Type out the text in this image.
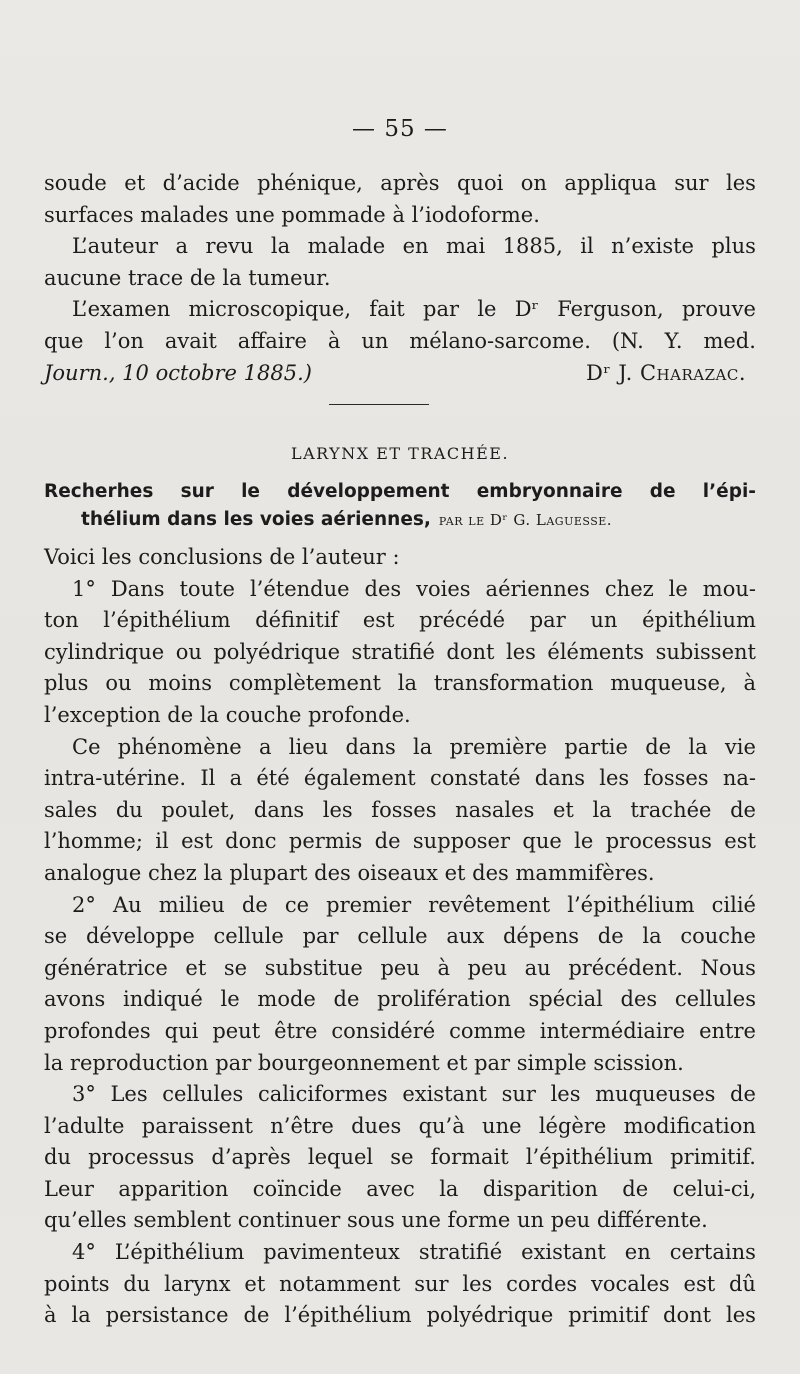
— 55 —
soude et d’acide phénique, après quoi on appliqua sur les
surfaces malades une pommade à l’iodoforme.
L’auteur a revu la malade en mai 1885, il n’existe plus
aucune trace de la tumeur.
L’examen microscopique, fait par le Dʳ Ferguson, prouve
que l’on avait affaire à un mélano-sarcome. (N. Y. med.
Journ., 10 octobre 1885.)	Dʳ J. Charazac.
LARYNX ET TRACHÉE.
Recherhes sur le développement embryonnaire de l’épi-
thélium dans les voies aériennes, par le Dʳ G. Laguesse.
Voici les conclusions de l’auteur :
1° Dans toute l’étendue des voies aériennes chez le mou-
ton l’épithélium définitif est précédé par un épithélium
cylindrique ou polyédrique stratifié dont les éléments subissent
plus ou moins complètement la transformation muqueuse, à
l’exception de la couche profonde.
Ce phénomène a lieu dans la première partie de la vie
intra-utérine. Il a été également constaté dans les fosses na-
sales du poulet, dans les fosses nasales et la trachée de
l’homme; il est donc permis de supposer que le processus est
analogue chez la plupart des oiseaux et des mammifères.
2° Au milieu de ce premier revêtement l’épithélium cilié
se développe cellule par cellule aux dépens de la couche
génératrice et se substitue peu à peu au précédent. Nous
avons indiqué le mode de prolifération spécial des cellules
profondes qui peut être considéré comme intermédiaire entre
la reproduction par bourgeonnement et par simple scission.
3° Les cellules caliciformes existant sur les muqueuses de
l’adulte paraissent n’être dues qu’à une légère modification
du processus d’après lequel se formait l’épithélium primitif.
Leur apparition coïncide avec la disparition de celui-ci,
qu’elles semblent continuer sous une forme un peu différente.
4° L’épithélium pavimenteux stratifié existant en certains
points du larynx et notamment sur les cordes vocales est dû
à la persistance de l’épithélium polyédrique primitif dont les
